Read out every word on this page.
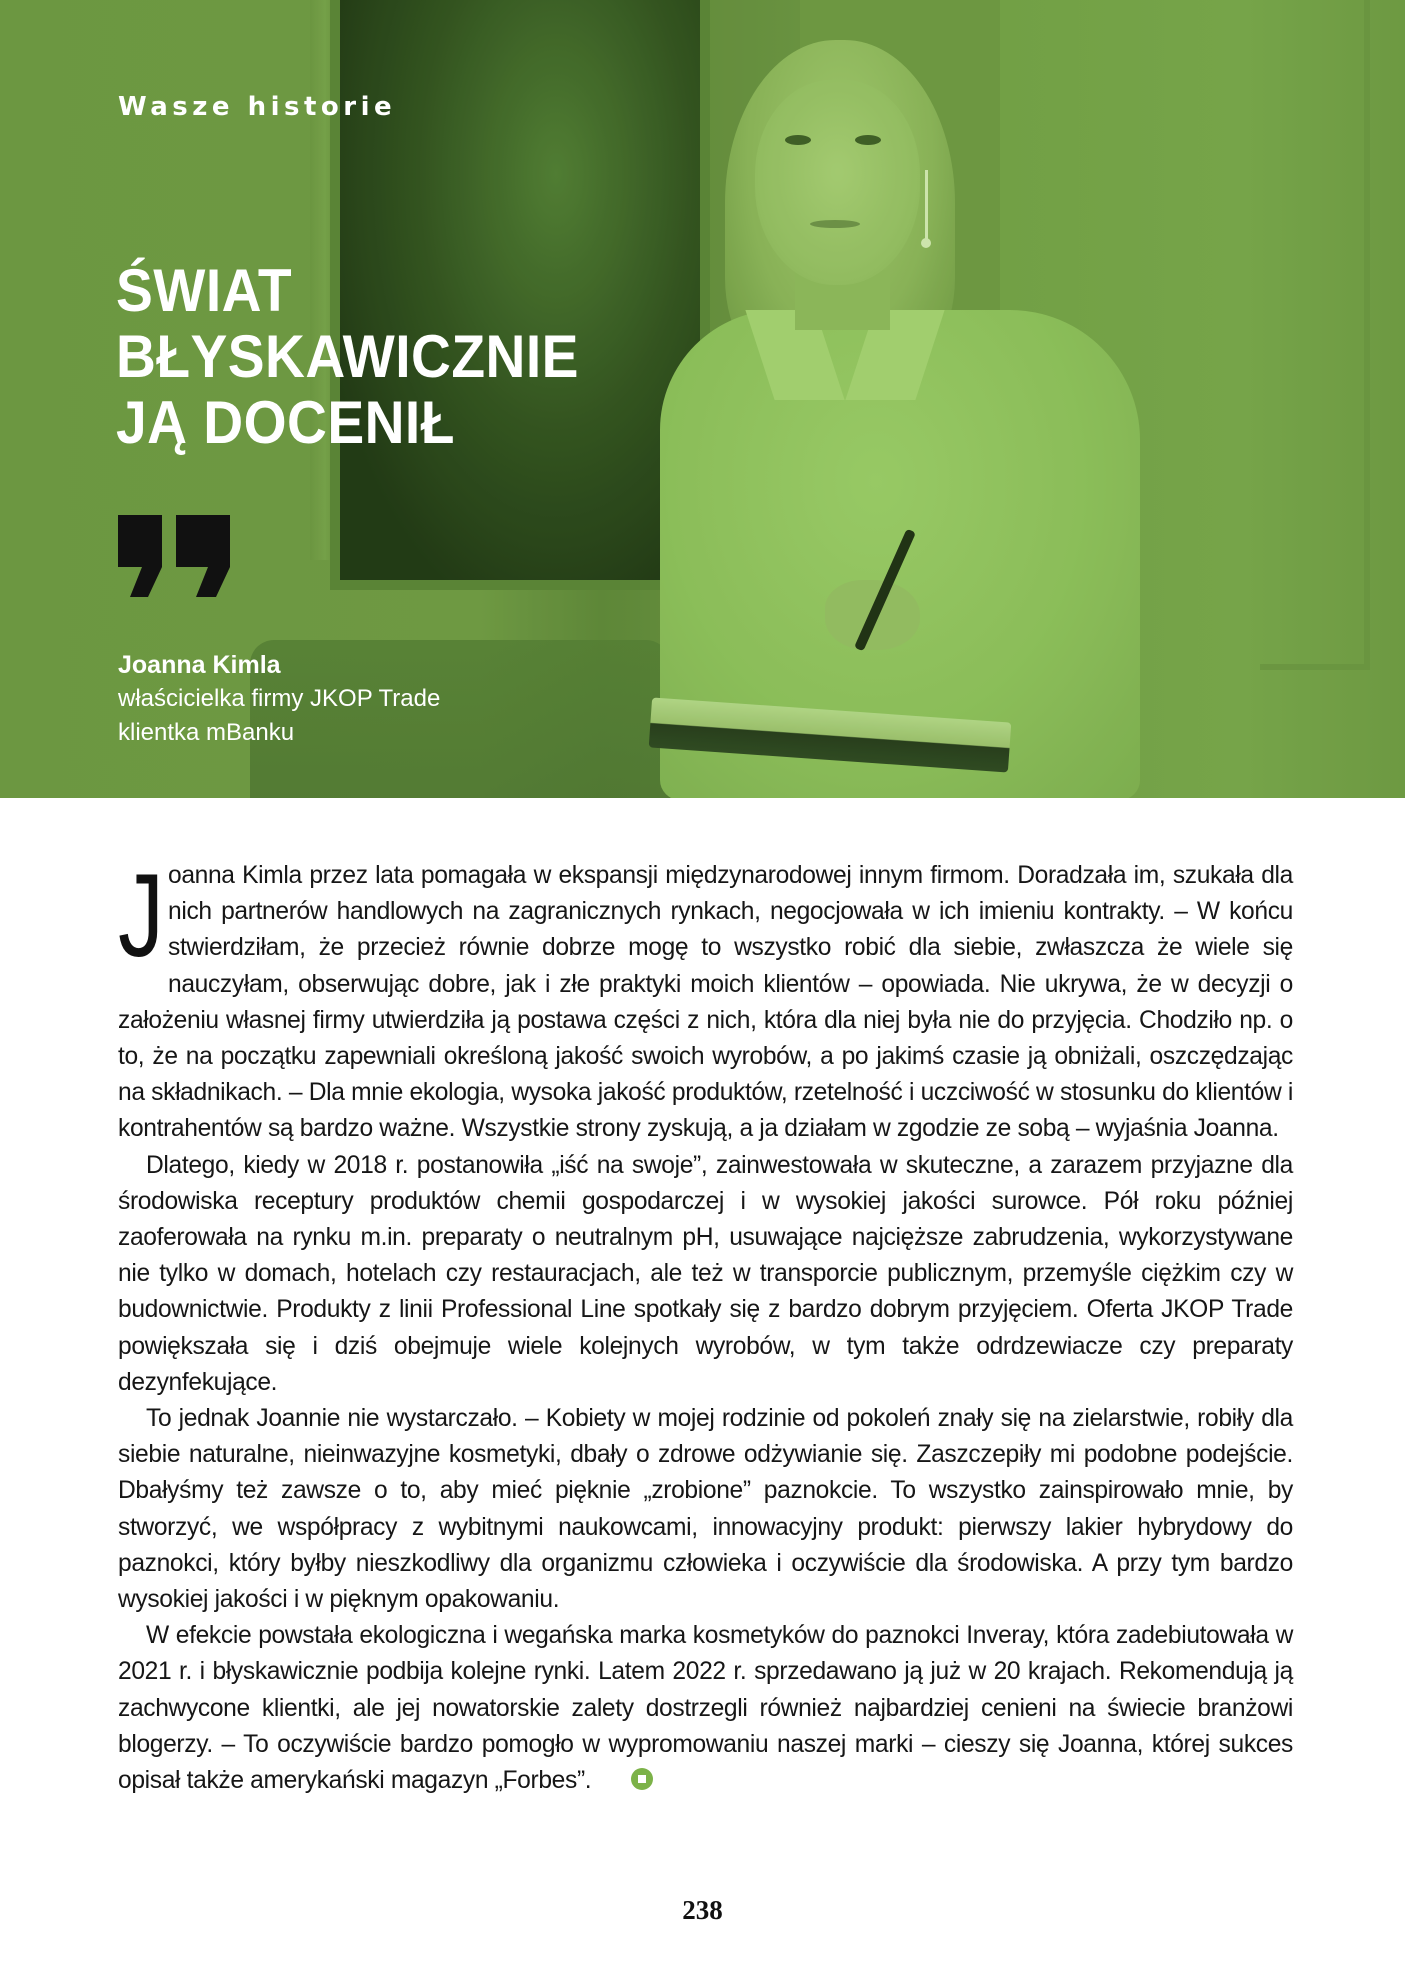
Wasze historie
ŚWIAT
BŁYSKAWICZNIE
JĄ DOCENIŁ
Joanna Kimla
właścicielka firmy JKOP Trade
klientka mBanku

Joanna Kimla przez lata pomagała w ekspansji międzynarodowej innym firmom. Doradzała im, szukała dla nich partnerów handlowych na zagranicznych rynkach, negocjowała w ich imieniu kontrakty. – W końcu stwierdziłam, że przecież równie dobrze mogę to wszystko robić dla siebie, zwłaszcza że wiele się nauczyłam, obserwując dobre, jak i złe praktyki moich klientów – opowiada. Nie ukrywa, że w decyzji o założeniu własnej firmy utwierdziła ją postawa części z nich, która dla niej była nie do przyjęcia. Chodziło np. o to, że na początku zapewniali określoną jakość swoich wyrobów, a po jakimś czasie ją obniżali, oszczędzając na składnikach. – Dla mnie ekologia, wysoka jakość produktów, rzetelność i uczciwość w stosunku do klientów i kontrahentów są bardzo ważne. Wszystkie strony zyskują, a ja działam w zgodzie ze sobą – wyjaśnia Joanna.

Dlatego, kiedy w 2018 r. postanowiła „iść na swoje”, zainwestowała w skuteczne, a zarazem przyjazne dla środowiska receptury produktów chemii gospodarczej i w wysokiej jakości surowce. Pół roku później zaoferowała na rynku m.in. preparaty o neutralnym pH, usuwające najcięższe zabrudzenia, wykorzystywane nie tylko w domach, hotelach czy restauracjach, ale też w transporcie publicznym, przemyśle ciężkim czy w budownictwie. Produkty z linii Professional Line spotkały się z bardzo dobrym przyjęciem. Oferta JKOP Trade powiększała się i dziś obejmuje wiele kolejnych wyrobów, w tym także odrdzewiacze czy preparaty dezynfekujące.

To jednak Joannie nie wystarczało. – Kobiety w mojej rodzinie od pokoleń znały się na zielarstwie, robiły dla siebie naturalne, nieinwazyjne kosmetyki, dbały o zdrowe odżywianie się. Zaszczepiły mi podobne podejście. Dbałyśmy też zawsze o to, aby mieć pięknie „zrobione” paznokcie. To wszystko zainspirowało mnie, by stworzyć, we współpracy z wybitnymi naukowcami, innowacyjny produkt: pierwszy lakier hybrydowy do paznokci, który byłby nieszkodliwy dla organizmu człowieka i oczywiście dla środowiska. A przy tym bardzo wysokiej jakości i w pięknym opakowaniu.

W efekcie powstała ekologiczna i wegańska marka kosmetyków do paznokci Inveray, która zadebiutowała w 2021 r. i błyskawicznie podbija kolejne rynki. Latem 2022 r. sprzedawano ją już w 20 krajach. Rekomendują ją zachwycone klientki, ale jej nowatorskie zalety dostrzegli również najbardziej cenieni na świecie branżowi blogerzy. – To oczywiście bardzo pomogło w wypromowaniu naszej marki – cieszy się Joanna, której sukces opisał także amerykański magazyn „Forbes”.

238
